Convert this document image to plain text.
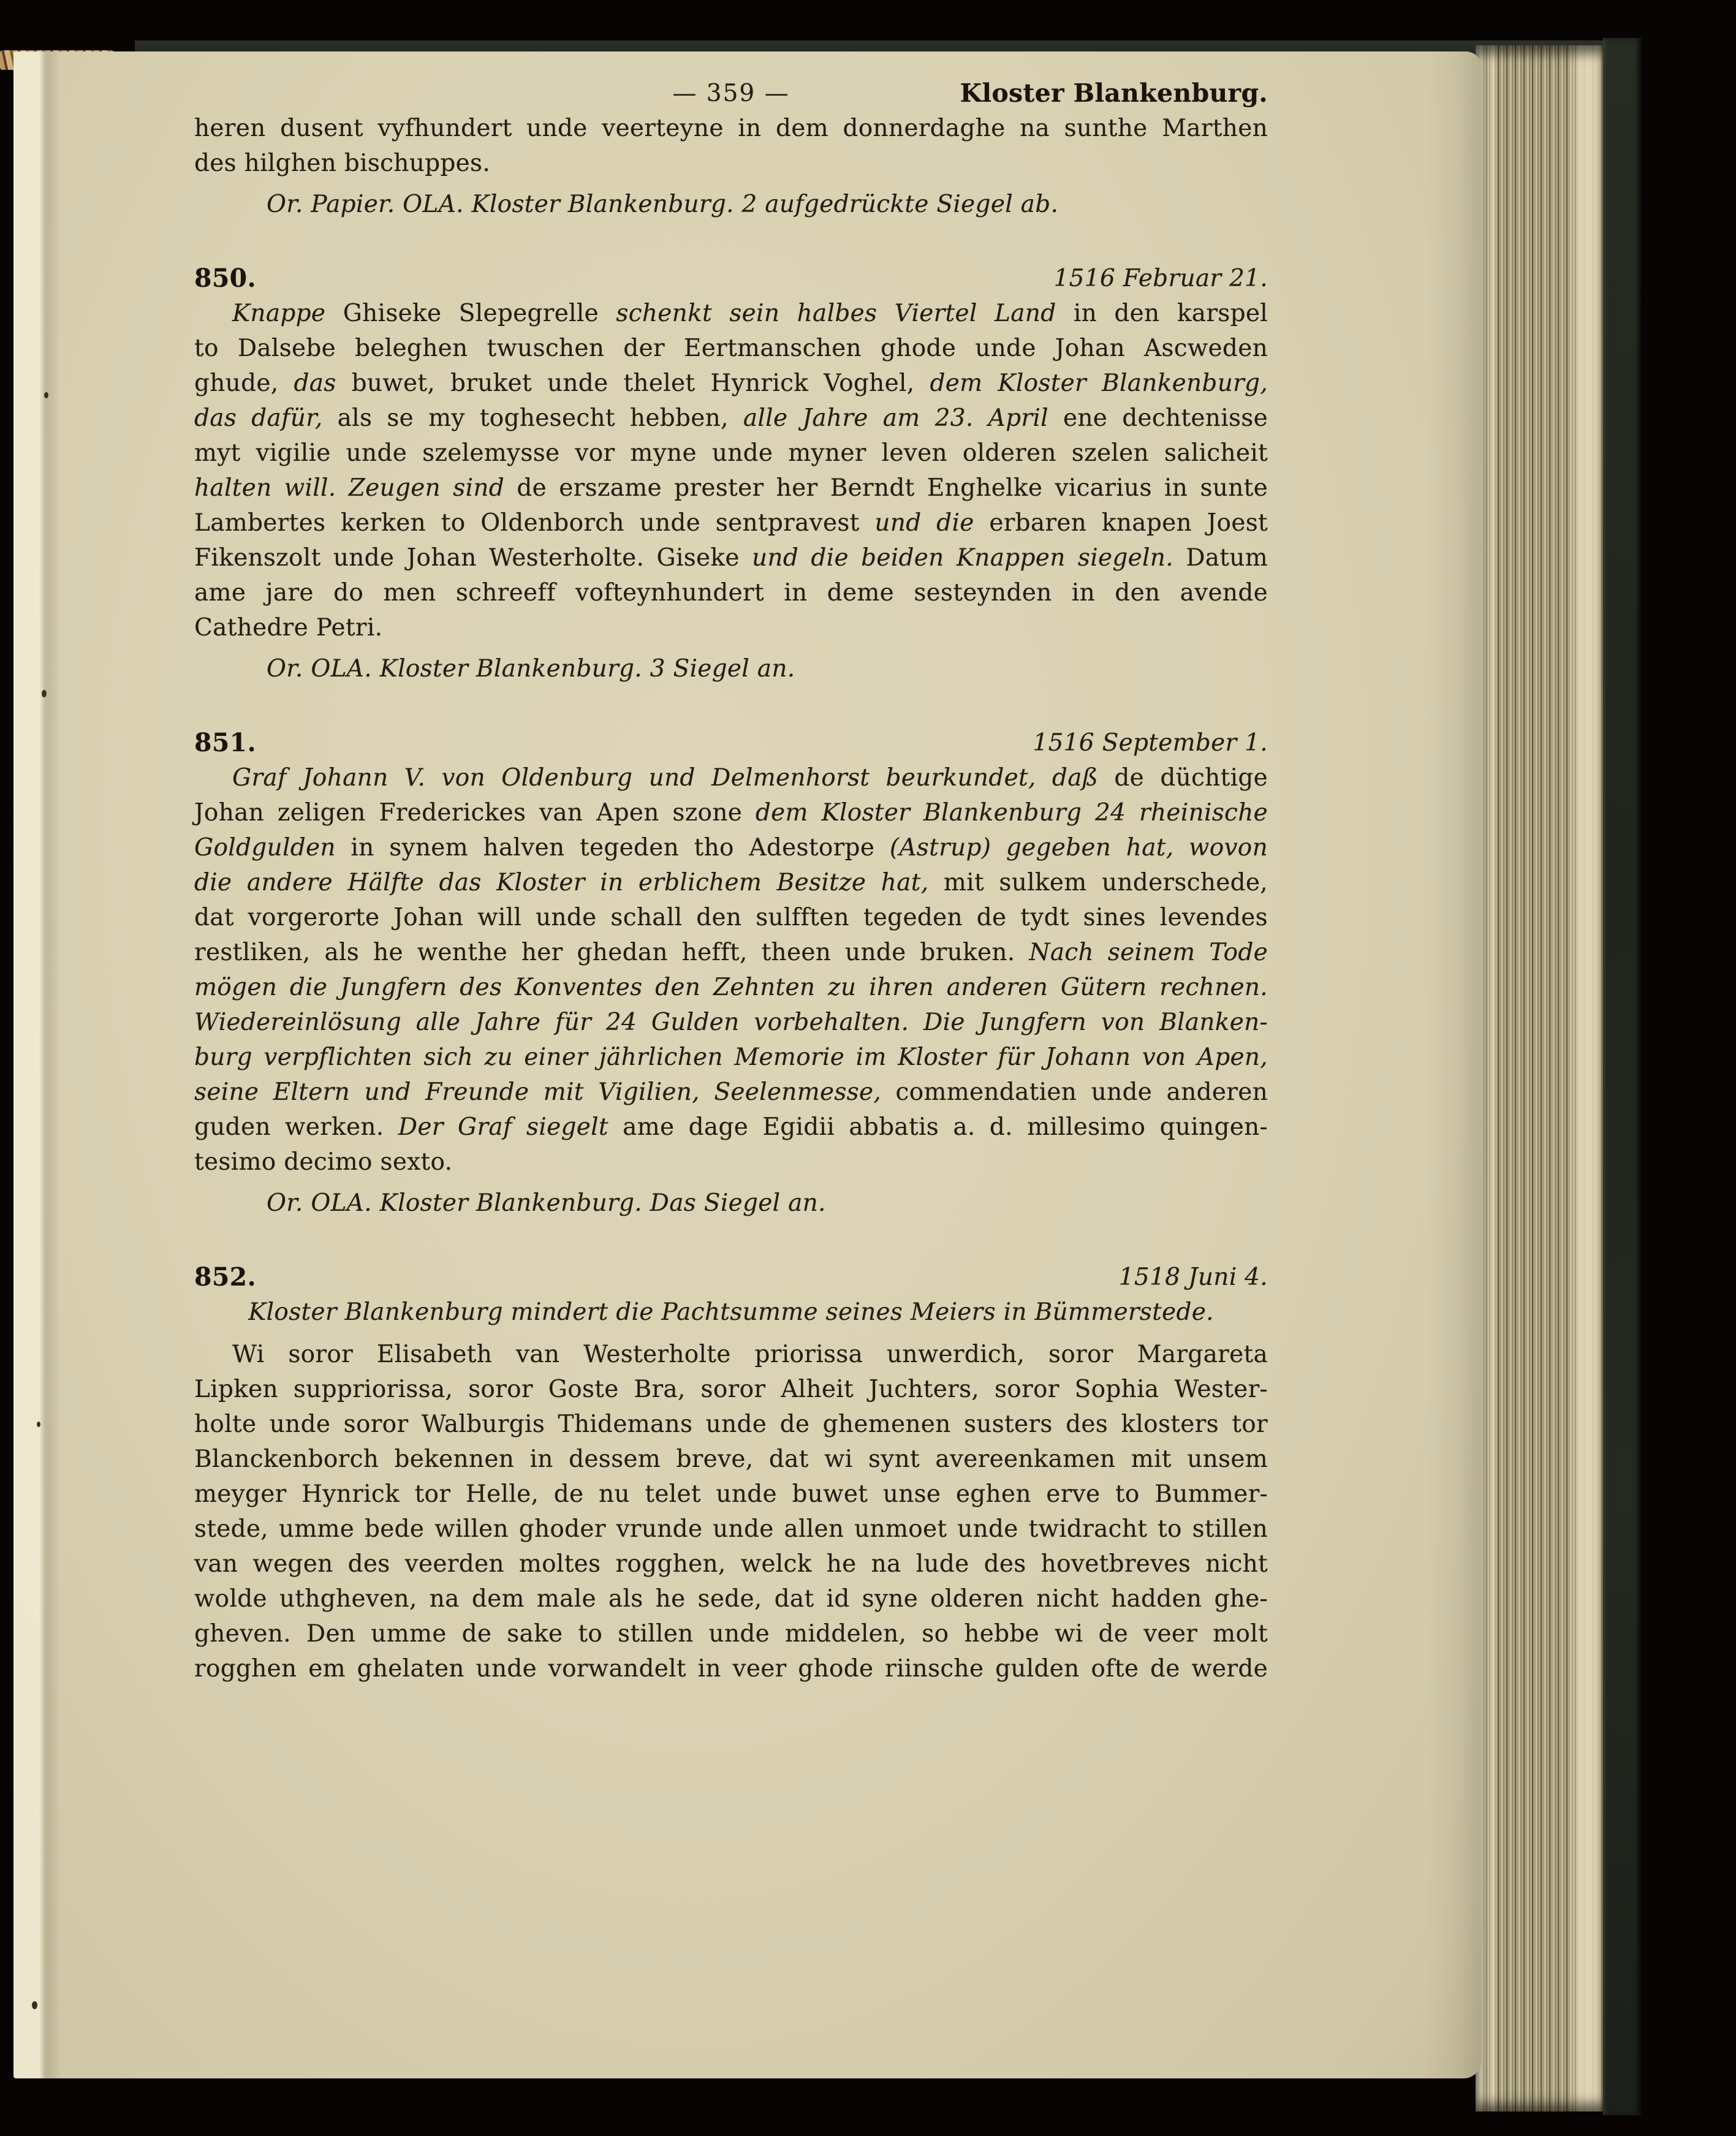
— 359 —	Kloster Blankenburg.
heren dusent vyfhundert unde veerteyne in dem donnerdaghe na sunthe Marthen
des hilghen bischuppes.
Or. Papier. OLA. Kloster Blankenburg. 2 aufgedrückte Siegel ab.
850.	1516 Februar 21.
Knappe Ghiseke Slepegrelle schenkt sein halbes Viertel Land in den karspel
to Dalsebe beleghen twuschen der Eertmanschen ghode unde Johan Ascweden
ghude, das buwet, bruket unde thelet Hynrick Voghel, dem Kloster Blankenburg,
das dafür, als se my toghesecht hebben, alle Jahre am 23. April ene dechtenisse
myt vigilie unde szelemysse vor myne unde myner leven olderen szelen salicheit
halten will. Zeugen sind de erszame prester her Berndt Enghelke vicarius in sunte
Lambertes kerken to Oldenborch unde sentpravest und die erbaren knapen Joest
Fikenszolt unde Johan Westerholte. Giseke und die beiden Knappen siegeln. Datum
ame jare do men schreeff vofteynhundert in deme sesteynden in den avende
Cathedre Petri.
Or. OLA. Kloster Blankenburg. 3 Siegel an.
851.	1516 September 1.
Graf Johann V. von Oldenburg und Delmenhorst beurkundet, daß de düchtige
Johan zeligen Frederickes van Apen szone dem Kloster Blankenburg 24 rheinische
Goldgulden in synem halven tegeden tho Adestorpe (Astrup) gegeben hat, wovon
die andere Hälfte das Kloster in erblichem Besitze hat, mit sulkem underschede,
dat vorgerorte Johan will unde schall den sulfften tegeden de tydt sines levendes
restliken, als he wenthe her ghedan hefft, theen unde bruken. Nach seinem Tode
mögen die Jungfern des Konventes den Zehnten zu ihren anderen Gütern rechnen.
Wiedereinlösung alle Jahre für 24 Gulden vorbehalten. Die Jungfern von Blanken-
burg verpflichten sich zu einer jährlichen Memorie im Kloster für Johann von Apen,
seine Eltern und Freunde mit Vigilien, Seelenmesse, commendatien unde anderen
guden werken. Der Graf siegelt ame dage Egidii abbatis a. d. millesimo quingen-
tesimo decimo sexto.
Or. OLA. Kloster Blankenburg. Das Siegel an.
852.	1518 Juni 4.
Kloster Blankenburg mindert die Pachtsumme seines Meiers in Bümmerstede.
Wi soror Elisabeth van Westerholte priorissa unwerdich, soror Margareta
Lipken suppriorissa, soror Goste Bra, soror Alheit Juchters, soror Sophia Wester-
holte unde soror Walburgis Thidemans unde de ghemenen susters des klosters tor
Blanckenborch bekennen in dessem breve, dat wi synt avereenkamen mit unsem
meyger Hynrick tor Helle, de nu telet unde buwet unse eghen erve to Bummer-
stede, umme bede willen ghoder vrunde unde allen unmoet unde twidracht to stillen
van wegen des veerden moltes rogghen, welck he na lude des hovetbreves nicht
wolde uthgheven, na dem male als he sede, dat id syne olderen nicht hadden ghe-
gheven. Den umme de sake to stillen unde middelen, so hebbe wi de veer molt
rogghen em ghelaten unde vorwandelt in veer ghode riinsche gulden ofte de werde
